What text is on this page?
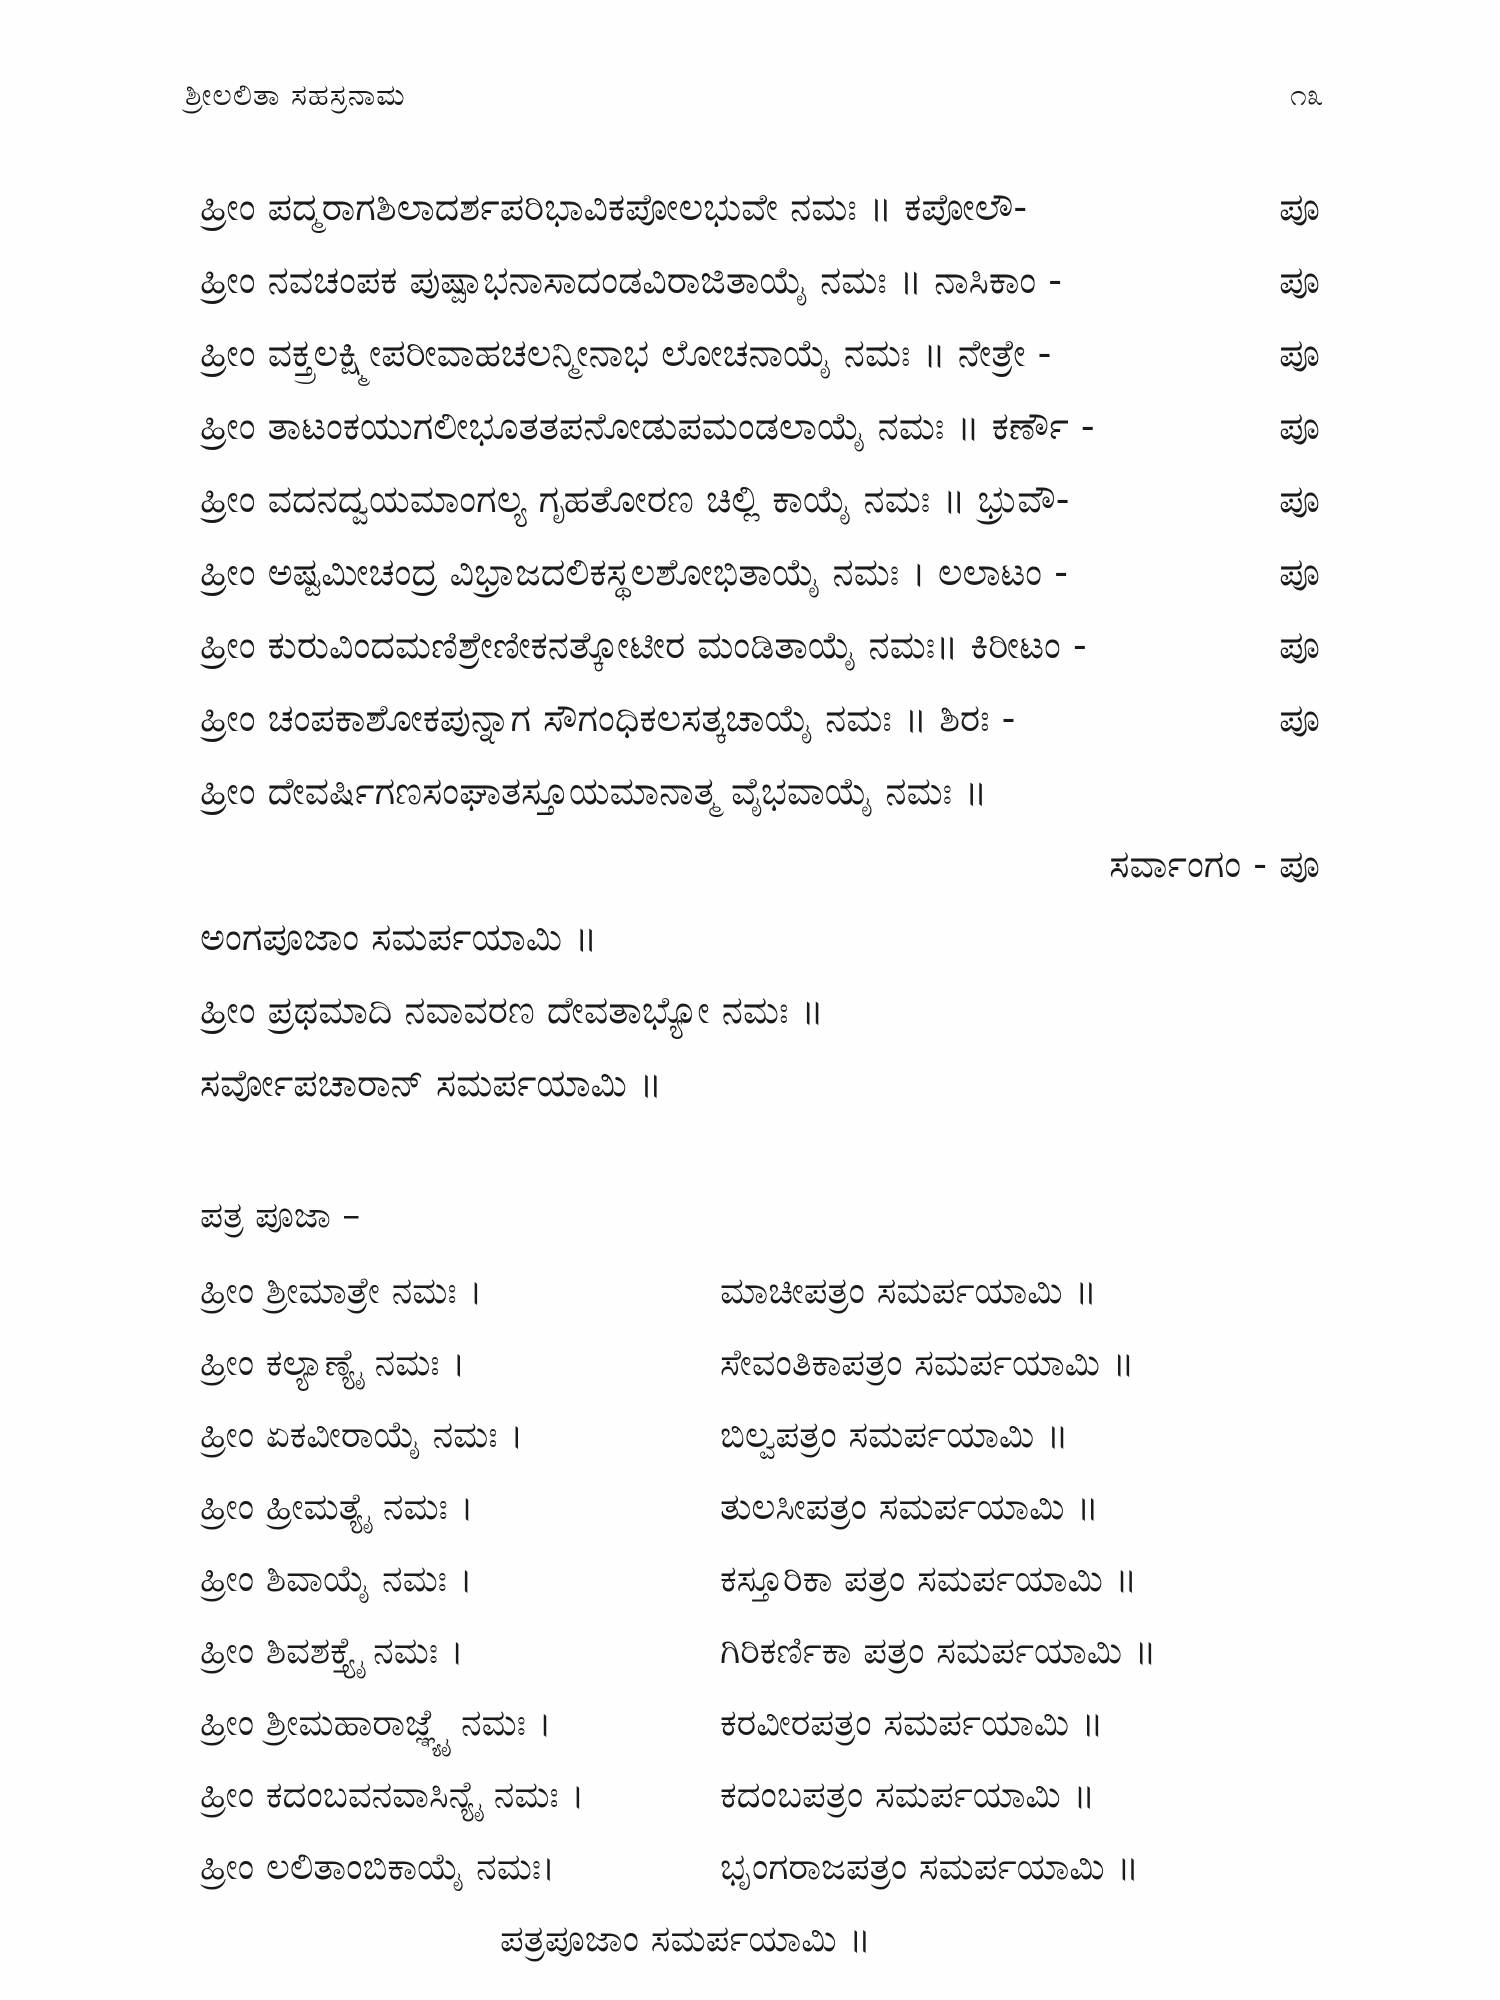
ಶ್ರೀಲಲಿತಾ ಸಹಸ್ರನಾಮ	೧೩
ಹ್ರೀಂ ಪದ್ಮರಾಗಶಿಲಾದರ್ಶಪರಿಭಾವಿಕಪೋಲಭುವೇ ನಮಃ ॥ ಕಪೋಲೌ-	ಪೂ
ಹ್ರೀಂ ನವಚಂಪಕ ಪುಷ್ಪಾಭನಾಸಾದಂಡವಿರಾಜಿತಾಯೈ ನಮಃ ॥ ನಾಸಿಕಾಂ -	ಪೂ
ಹ್ರೀಂ ವಕ್ತ್ರಲಕ್ಷ್ಮೀಪರೀವಾಹಚಲನ್ಮೀನಾಭ ಲೋಚನಾಯೈ ನಮಃ ॥ ನೇತ್ರೇ -	ಪೂ
ಹ್ರೀಂ ತಾಟಂಕಯುಗಲೀಭೂತತಪನೋಡುಪಮಂಡಲಾಯೈ ನಮಃ ॥ ಕರ್ಣೌ -	ಪೂ
ಹ್ರೀಂ ವದನದ್ವಯಮಾಂಗಲ್ಯ ಗೃಹತೋರಣ ಚಿಲ್ಲಿ ಕಾಯೈ ನಮಃ ॥ ಭ್ರುವೌ-	ಪೂ
ಹ್ರೀಂ ಅಷ್ಟಮೀಚಂದ್ರ ವಿಭ್ರಾಜದಲಿಕಸ್ಥಲಶೋಭಿತಾಯೈ ನಮಃ । ಲಲಾಟಂ -	ಪೂ
ಹ್ರೀಂ ಕುರುವಿಂದಮಣಿಶ್ರೇಣೀಕನತ್ಕೋಟೀರ ಮಂಡಿತಾಯೈ ನಮಃ॥ ಕಿರೀಟಂ -	ಪೂ
ಹ್ರೀಂ ಚಂಪಕಾಶೋಕಪುನ್ನಾಗ ಸೌಗಂಧಿಕಲಸತ್ಕಚಾಯೈ ನಮಃ ॥ ಶಿರಃ -	ಪೂ
ಹ್ರೀಂ ದೇವರ್ಷಿಗಣಸಂಘಾತಸ್ತೂಯಮಾನಾತ್ಮ ವೈಭವಾಯೈ ನಮಃ ॥
ಸರ್ವಾಂಗಂ - ಪೂ
ಅಂಗಪೂಜಾಂ ಸಮರ್ಪಯಾಮಿ ॥
ಹ್ರೀಂ ಪ್ರಥಮಾದಿ ನವಾವರಣ ದೇವತಾಭ್ಯೋ ನಮಃ ॥
ಸರ್ವೋಪಚಾರಾನ್ ಸಮರ್ಪಯಾಮಿ ॥
ಪತ್ರ ಪೂಜಾ –
ಹ್ರೀಂ ಶ್ರೀಮಾತ್ರೇ ನಮಃ ।	ಮಾಚೀಪತ್ರಂ ಸಮರ್ಪಯಾಮಿ ॥
ಹ್ರೀಂ ಕಲ್ಯಾಣ್ಯೈ ನಮಃ ।	ಸೇವಂತಿಕಾಪತ್ರಂ ಸಮರ್ಪಯಾಮಿ ॥
ಹ್ರೀಂ ಏಕವೀರಾಯೈ ನಮಃ ।	ಬಿಲ್ವಪತ್ರಂ ಸಮರ್ಪಯಾಮಿ ॥
ಹ್ರೀಂ ಹ್ರೀಮತ್ಯೈ ನಮಃ ।	ತುಲಸೀಪತ್ರಂ ಸಮರ್ಪಯಾಮಿ ॥
ಹ್ರೀಂ ಶಿವಾಯೈ ನಮಃ ।	ಕಸ್ತೂರಿಕಾ ಪತ್ರಂ ಸಮರ್ಪಯಾಮಿ ॥
ಹ್ರೀಂ ಶಿವಶಕ್ತ್ಯೈ ನಮಃ ।	ಗಿರಿಕರ್ಣಿಕಾ ಪತ್ರಂ ಸಮರ್ಪಯಾಮಿ ॥
ಹ್ರೀಂ ಶ್ರೀಮಹಾರಾಜ್ಞ್ಯೈ ನಮಃ ।	ಕರವೀರಪತ್ರಂ ಸಮರ್ಪಯಾಮಿ ॥
ಹ್ರೀಂ ಕದಂಬವನವಾಸಿನ್ಯೈ ನಮಃ ।	ಕದಂಬಪತ್ರಂ ಸಮರ್ಪಯಾಮಿ ॥
ಹ್ರೀಂ ಲಲಿತಾಂಬಿಕಾಯೈ ನಮಃ।	ಭೃಂಗರಾಜಪತ್ರಂ ಸಮರ್ಪಯಾಮಿ ॥
ಪತ್ರಪೂಜಾಂ ಸಮರ್ಪಯಾಮಿ ॥
